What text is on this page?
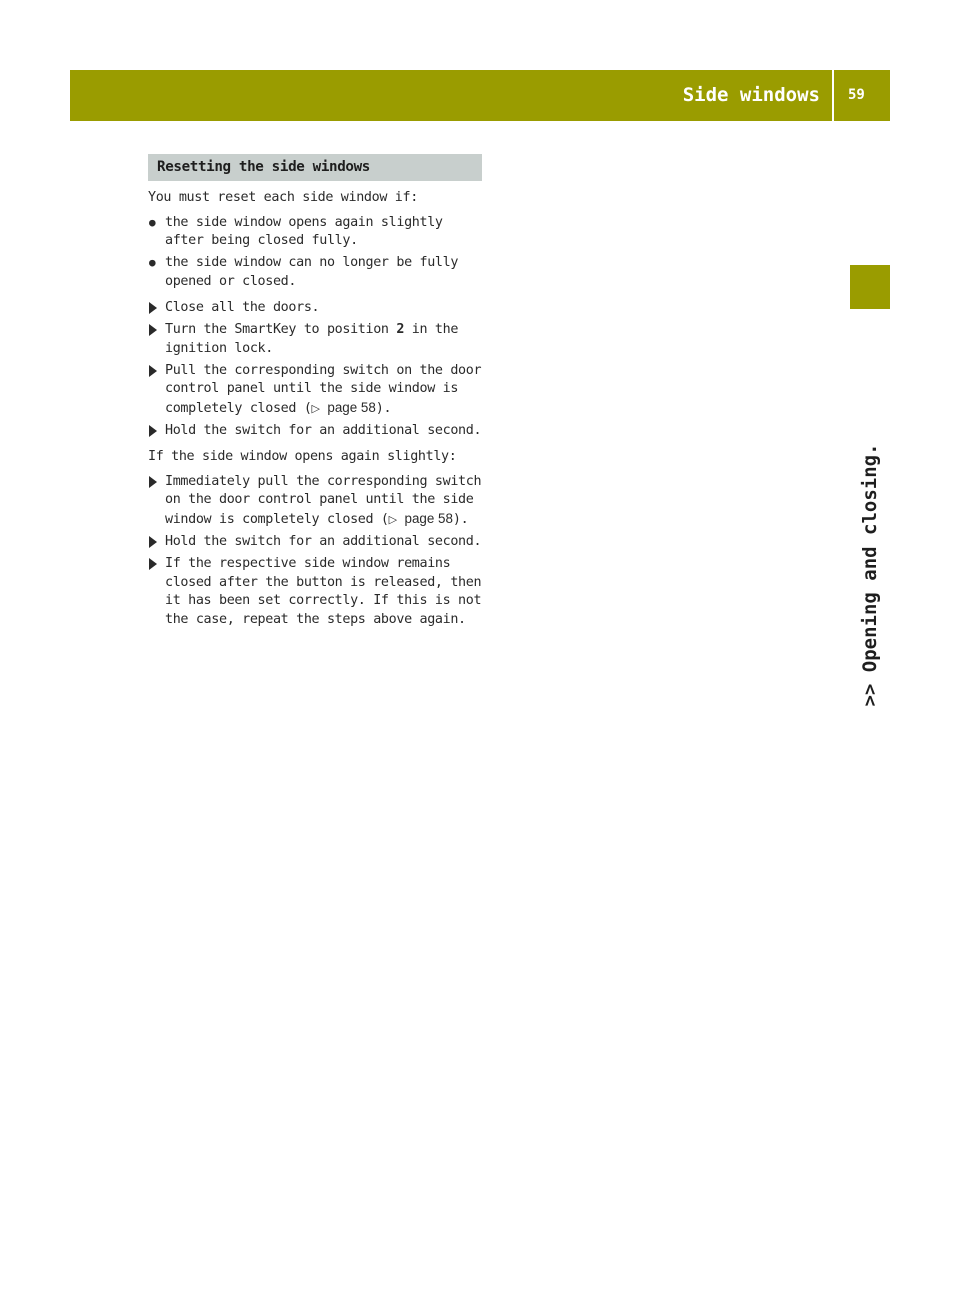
Side windows 59
>> Opening and closing.
Resetting the side windows

You must reset each side window if:

● the side window opens again slightly after being closed fully.
● the side window can no longer be fully opened or closed.
Close all the doors.
Turn the SmartKey to position 2 in the ignition lock.
Pull the corresponding switch on the door control panel until the side window is completely closed (▷ page 58).
Hold the switch for an additional second.

If the side window opens again slightly:

Immediately pull the corresponding switch on the door control panel until the side window is completely closed (▷ page 58).
Hold the switch for an additional second.
If the respective side window remains closed after the button is released, then it has been set correctly. If this is not the case, repeat the steps above again.
